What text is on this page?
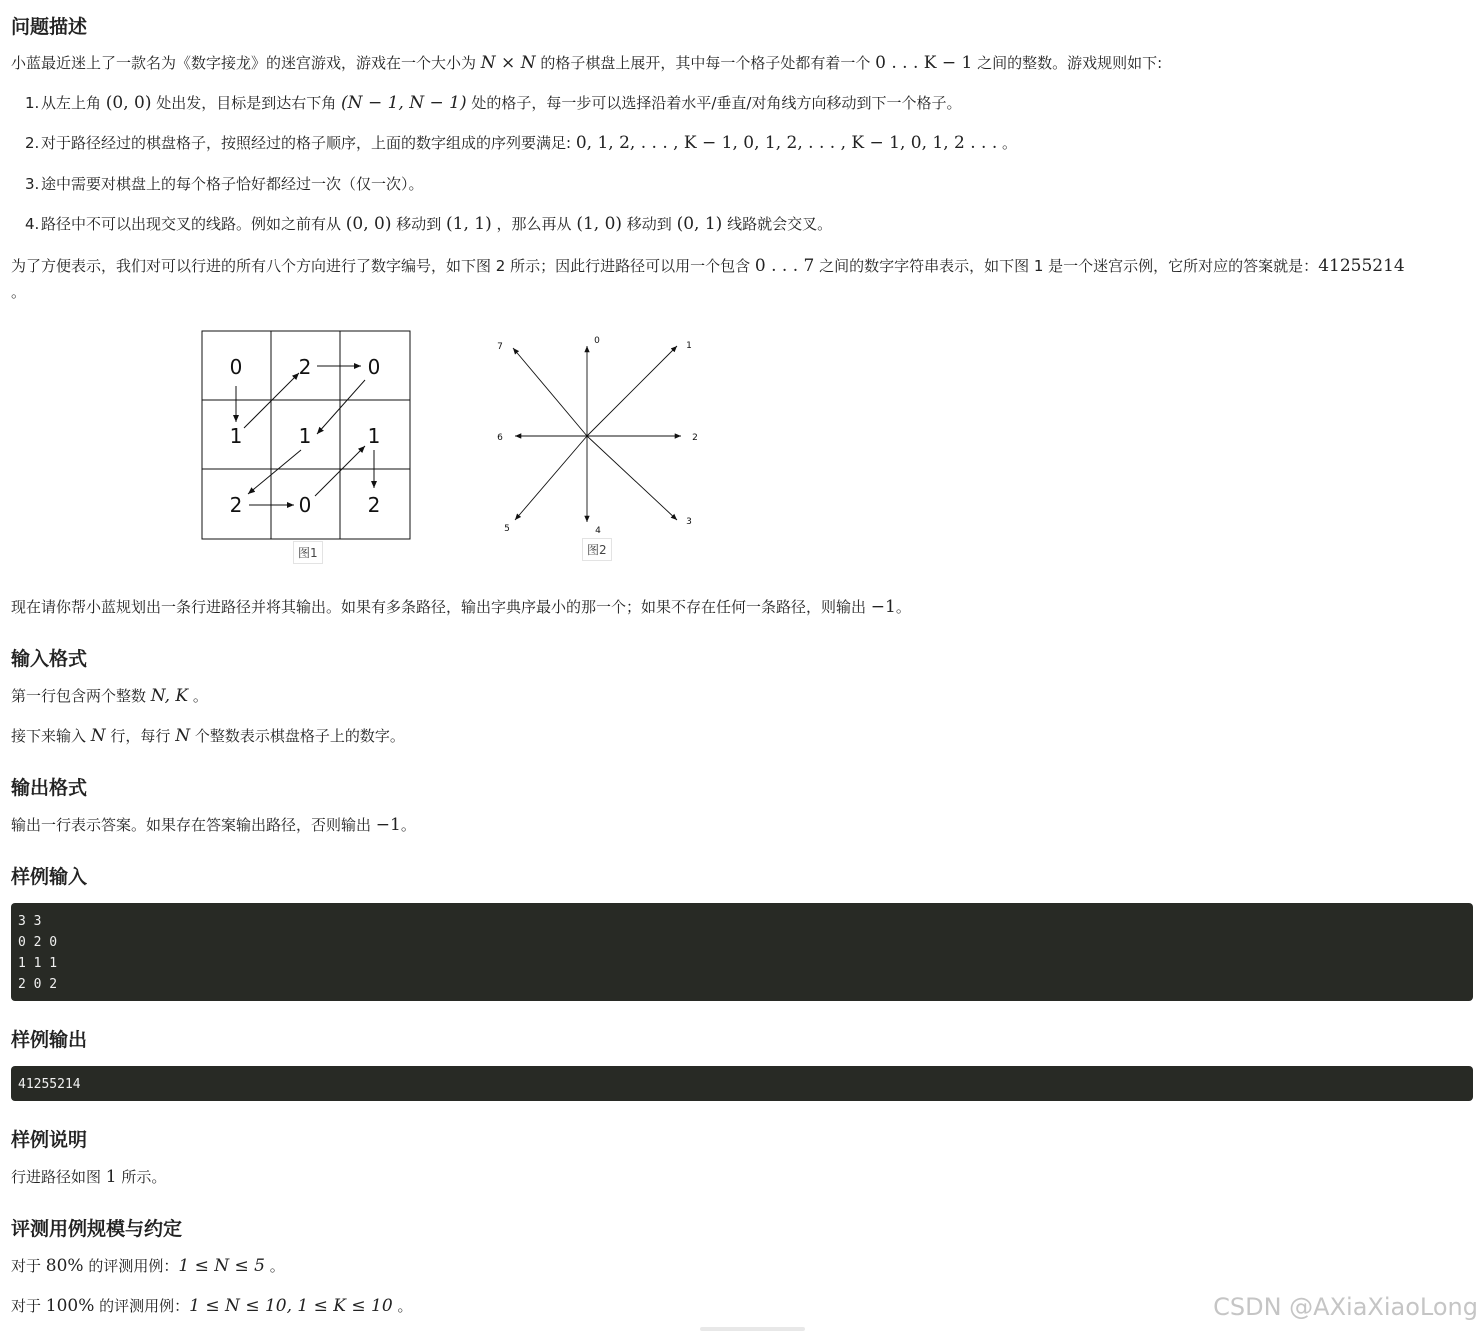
问题描述

小蓝最近迷上了一款名为《数字接龙》的迷宫游戏，游戏在一个大小为 N × N 的格子棋盘上展开，其中每一个格子处都有着一个 0 . . . K − 1 之间的整数。游戏规则如下:

1. 从左上角 (0, 0) 处出发，目标是到达右下角 (N − 1, N − 1) 处的格子，每一步可以选择沿着水平/垂直/对角线方向移动到下一个格子。
2. 对于路径经过的棋盘格子，按照经过的格子顺序，上面的数字组成的序列要满足: 0, 1, 2, . . . , K − 1, 0, 1, 2, . . . , K − 1, 0, 1, 2 . . . 。
3. 途中需要对棋盘上的每个格子恰好都经过一次（仅一次）。
4. 路径中不可以出现交叉的线路。例如之前有从 (0, 0) 移动到 (1, 1) ，那么再从 (1, 0) 移动到 (0, 1) 线路就会交叉。

为了方便表示，我们对可以行进的所有八个方向进行了数字编号，如下图 2 所示；因此行进路径可以用一个包含 0 . . . 7 之间的数字字符串表示，如下图 1 是一个迷宫示例，它所对应的答案就是：41255214
。

0	2	0
1	1	1
2	0	2
图1
0	1
2
3
4
5
6
7
图2

现在请你帮小蓝规划出一条行进路径并将其输出。如果有多条路径，输出字典序最小的那一个；如果不存在任何一条路径，则输出 −1。

输入格式

第一行包含两个整数 N, K 。

接下来输入 N 行，每行 N 个整数表示棋盘格子上的数字。

输出格式

输出一行表示答案。如果存在答案输出路径，否则输出 −1。

样例输入
3 3
0 2 0
1 1 1
2 0 2
样例输出
41255214
样例说明

行进路径如图 1 所示。

评测用例规模与约定

对于 80% 的评测用例：1 ≤ N ≤ 5 。

对于 100% 的评测用例：1 ≤ N ≤ 10, 1 ≤ K ≤ 10 。	CSDN @AXiaXiaoLong
